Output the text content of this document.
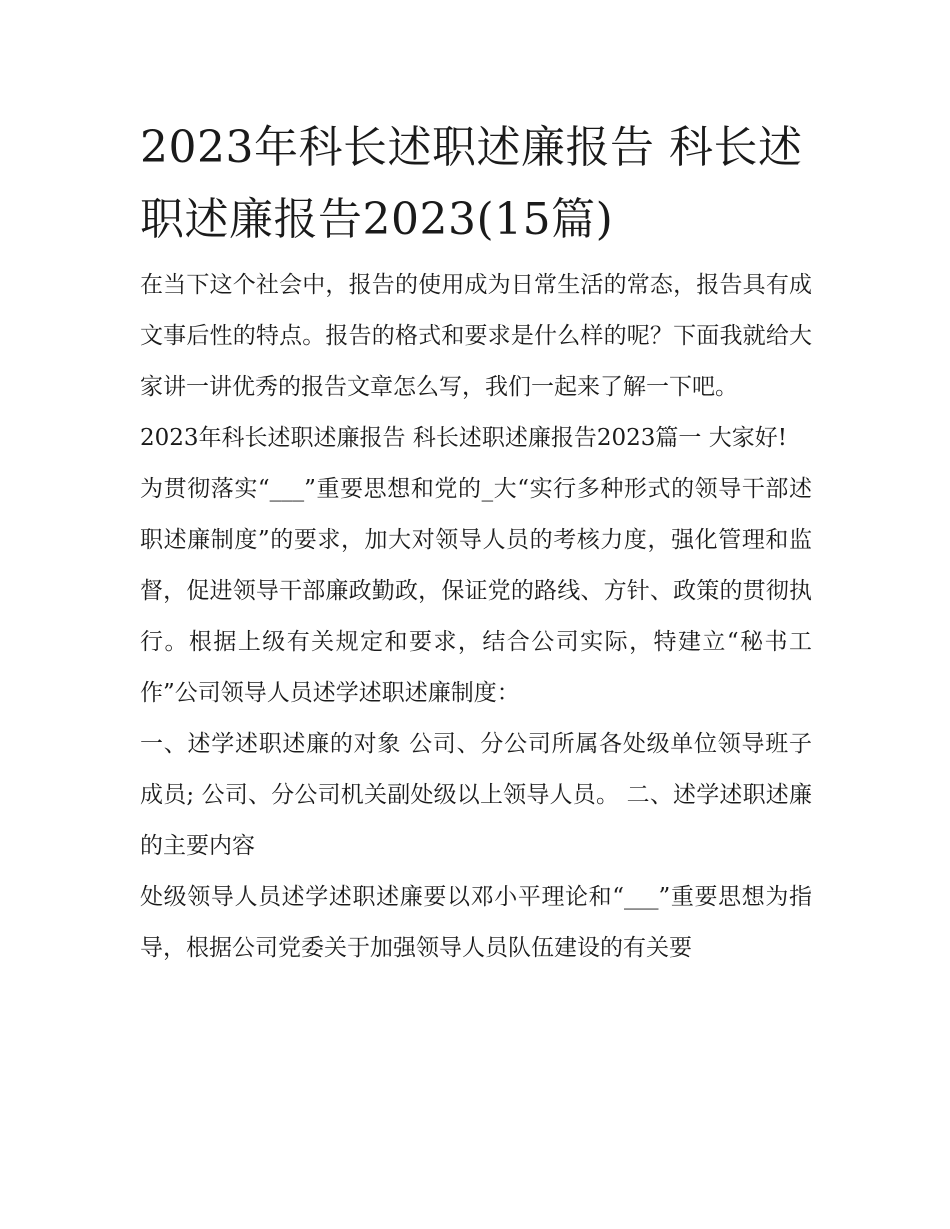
2023年科长述职述廉报告 科长述职述廉报告2023(15篇)

在当下这个社会中，报告的使用成为日常生活的常态，报告具有成文事后性的特点。报告的格式和要求是什么样的呢？下面我就给大家讲一讲优秀的报告文章怎么写，我们一起来了解一下吧。

2023年科长述职述廉报告 科长述职述廉报告2023篇一 大家好!

为贯彻落实“___”重要思想和党的_大“实行多种形式的领导干部述职述廉制度”的要求，加大对领导人员的考核力度，强化管理和监督，促进领导干部廉政勤政，保证党的路线、方针、政策的贯彻执行。根据上级有关规定和要求，结合公司实际，特建立“秘书工作”公司领导人员述学述职述廉制度：

一、述学述职述廉的对象 公司、分公司所属各处级单位领导班子成员; 公司、分公司机关副处级以上领导人员。 二、述学述职述廉的主要内容

处级领导人员述学述职述廉要以邓小平理论和“___”重要思想为指导，根据公司党委关于加强领导人员队伍建设的有关要
